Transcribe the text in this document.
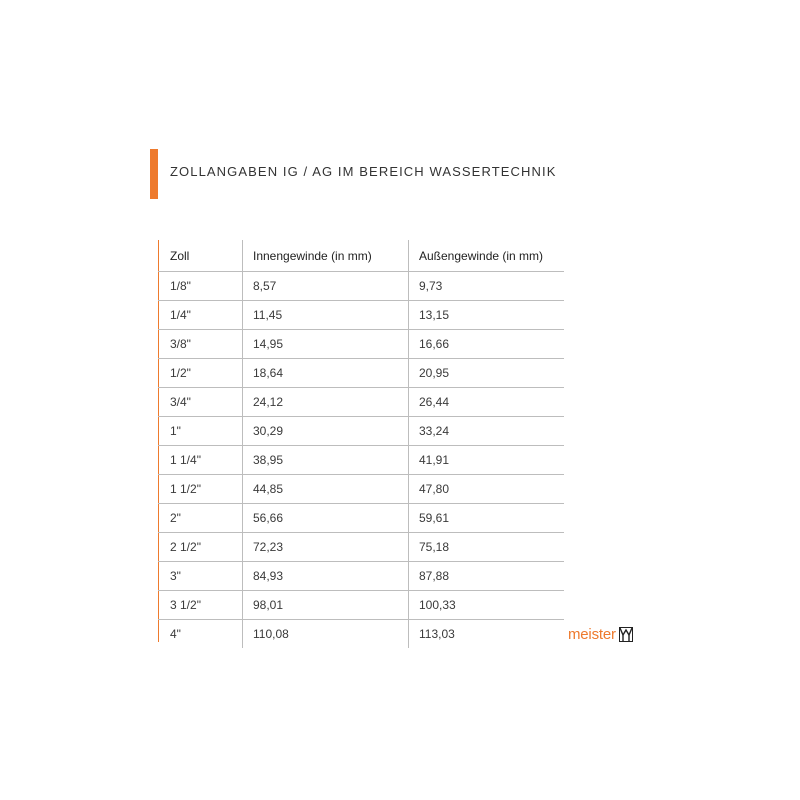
ZOLLANGABEN IG / AG IM BEREICH WASSERTECHNIK
Zoll	Innengewinde (in mm)	Außengewinde (in mm)
1/8"	8,57	9,73
1/4"	11,45	13,15
3/8"	14,95	16,66
1/2"	18,64	20,95
3/4"	24,12	26,44
1"	30,29	33,24
1 1/4"	38,95	41,91
1 1/2"	44,85	47,80
2"	56,66	59,61
2 1/2"	72,23	75,18
3"	84,93	87,88
3 1/2"	98,01	100,33
4"	110,08	113,03	meister
